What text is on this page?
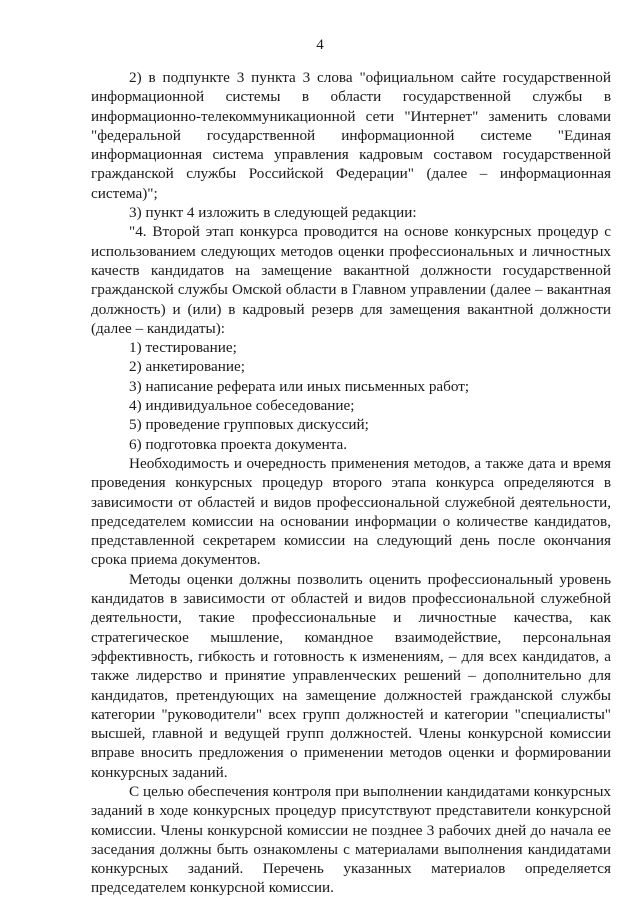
4

2) в подпункте 3 пункта 3 слова "официальном сайте государственной информационной системы в области государственной службы в информационно-телекоммуникационной сети "Интернет" заменить словами "федеральной государственной информационной системе "Единая информационная система управления кадровым составом государственной гражданской службы Российской Федерации" (далее – информационная система)";

3) пункт 4 изложить в следующей редакции:

"4. Второй этап конкурса проводится на основе конкурсных процедур с использованием следующих методов оценки профессиональных и личностных качеств кандидатов на замещение вакантной должности государственной гражданской службы Омской области в Главном управлении (далее – вакантная должность) и (или) в кадровый резерв для замещения вакантной должности (далее – кандидаты):

1) тестирование;

2) анкетирование;

3) написание реферата или иных письменных работ;

4) индивидуальное собеседование;

5) проведение групповых дискуссий;

6) подготовка проекта документа.

Необходимость и очередность применения методов, а также дата и время проведения конкурсных процедур второго этапа конкурса определяются в зависимости от областей и видов профессиональной служебной деятельности, председателем комиссии на основании информации о количестве кандидатов, представленной секретарем комиссии на следующий день после окончания срока приема документов.

Методы оценки должны позволить оценить профессиональный уровень кандидатов в зависимости от областей и видов профессиональной служебной деятельности, такие профессиональные и личностные качества, как стратегическое мышление, командное взаимодействие, персональная эффективность, гибкость и готовность к изменениям, – для всех кандидатов, а также лидерство и принятие управленческих решений – дополнительно для кандидатов, претендующих на замещение должностей гражданской службы категории "руководители" всех групп должностей и категории "специалисты" высшей, главной и ведущей групп должностей. Члены конкурсной комиссии вправе вносить предложения о применении методов оценки и формировании конкурсных заданий.

С целью обеспечения контроля при выполнении кандидатами конкурсных заданий в ходе конкурсных процедур присутствуют представители конкурсной комиссии. Члены конкурсной комиссии не позднее 3 рабочих дней до начала ее заседания должны быть ознакомлены с материалами выполнения кандидатами конкурсных заданий. Перечень указанных материалов определяется председателем конкурсной комиссии.
